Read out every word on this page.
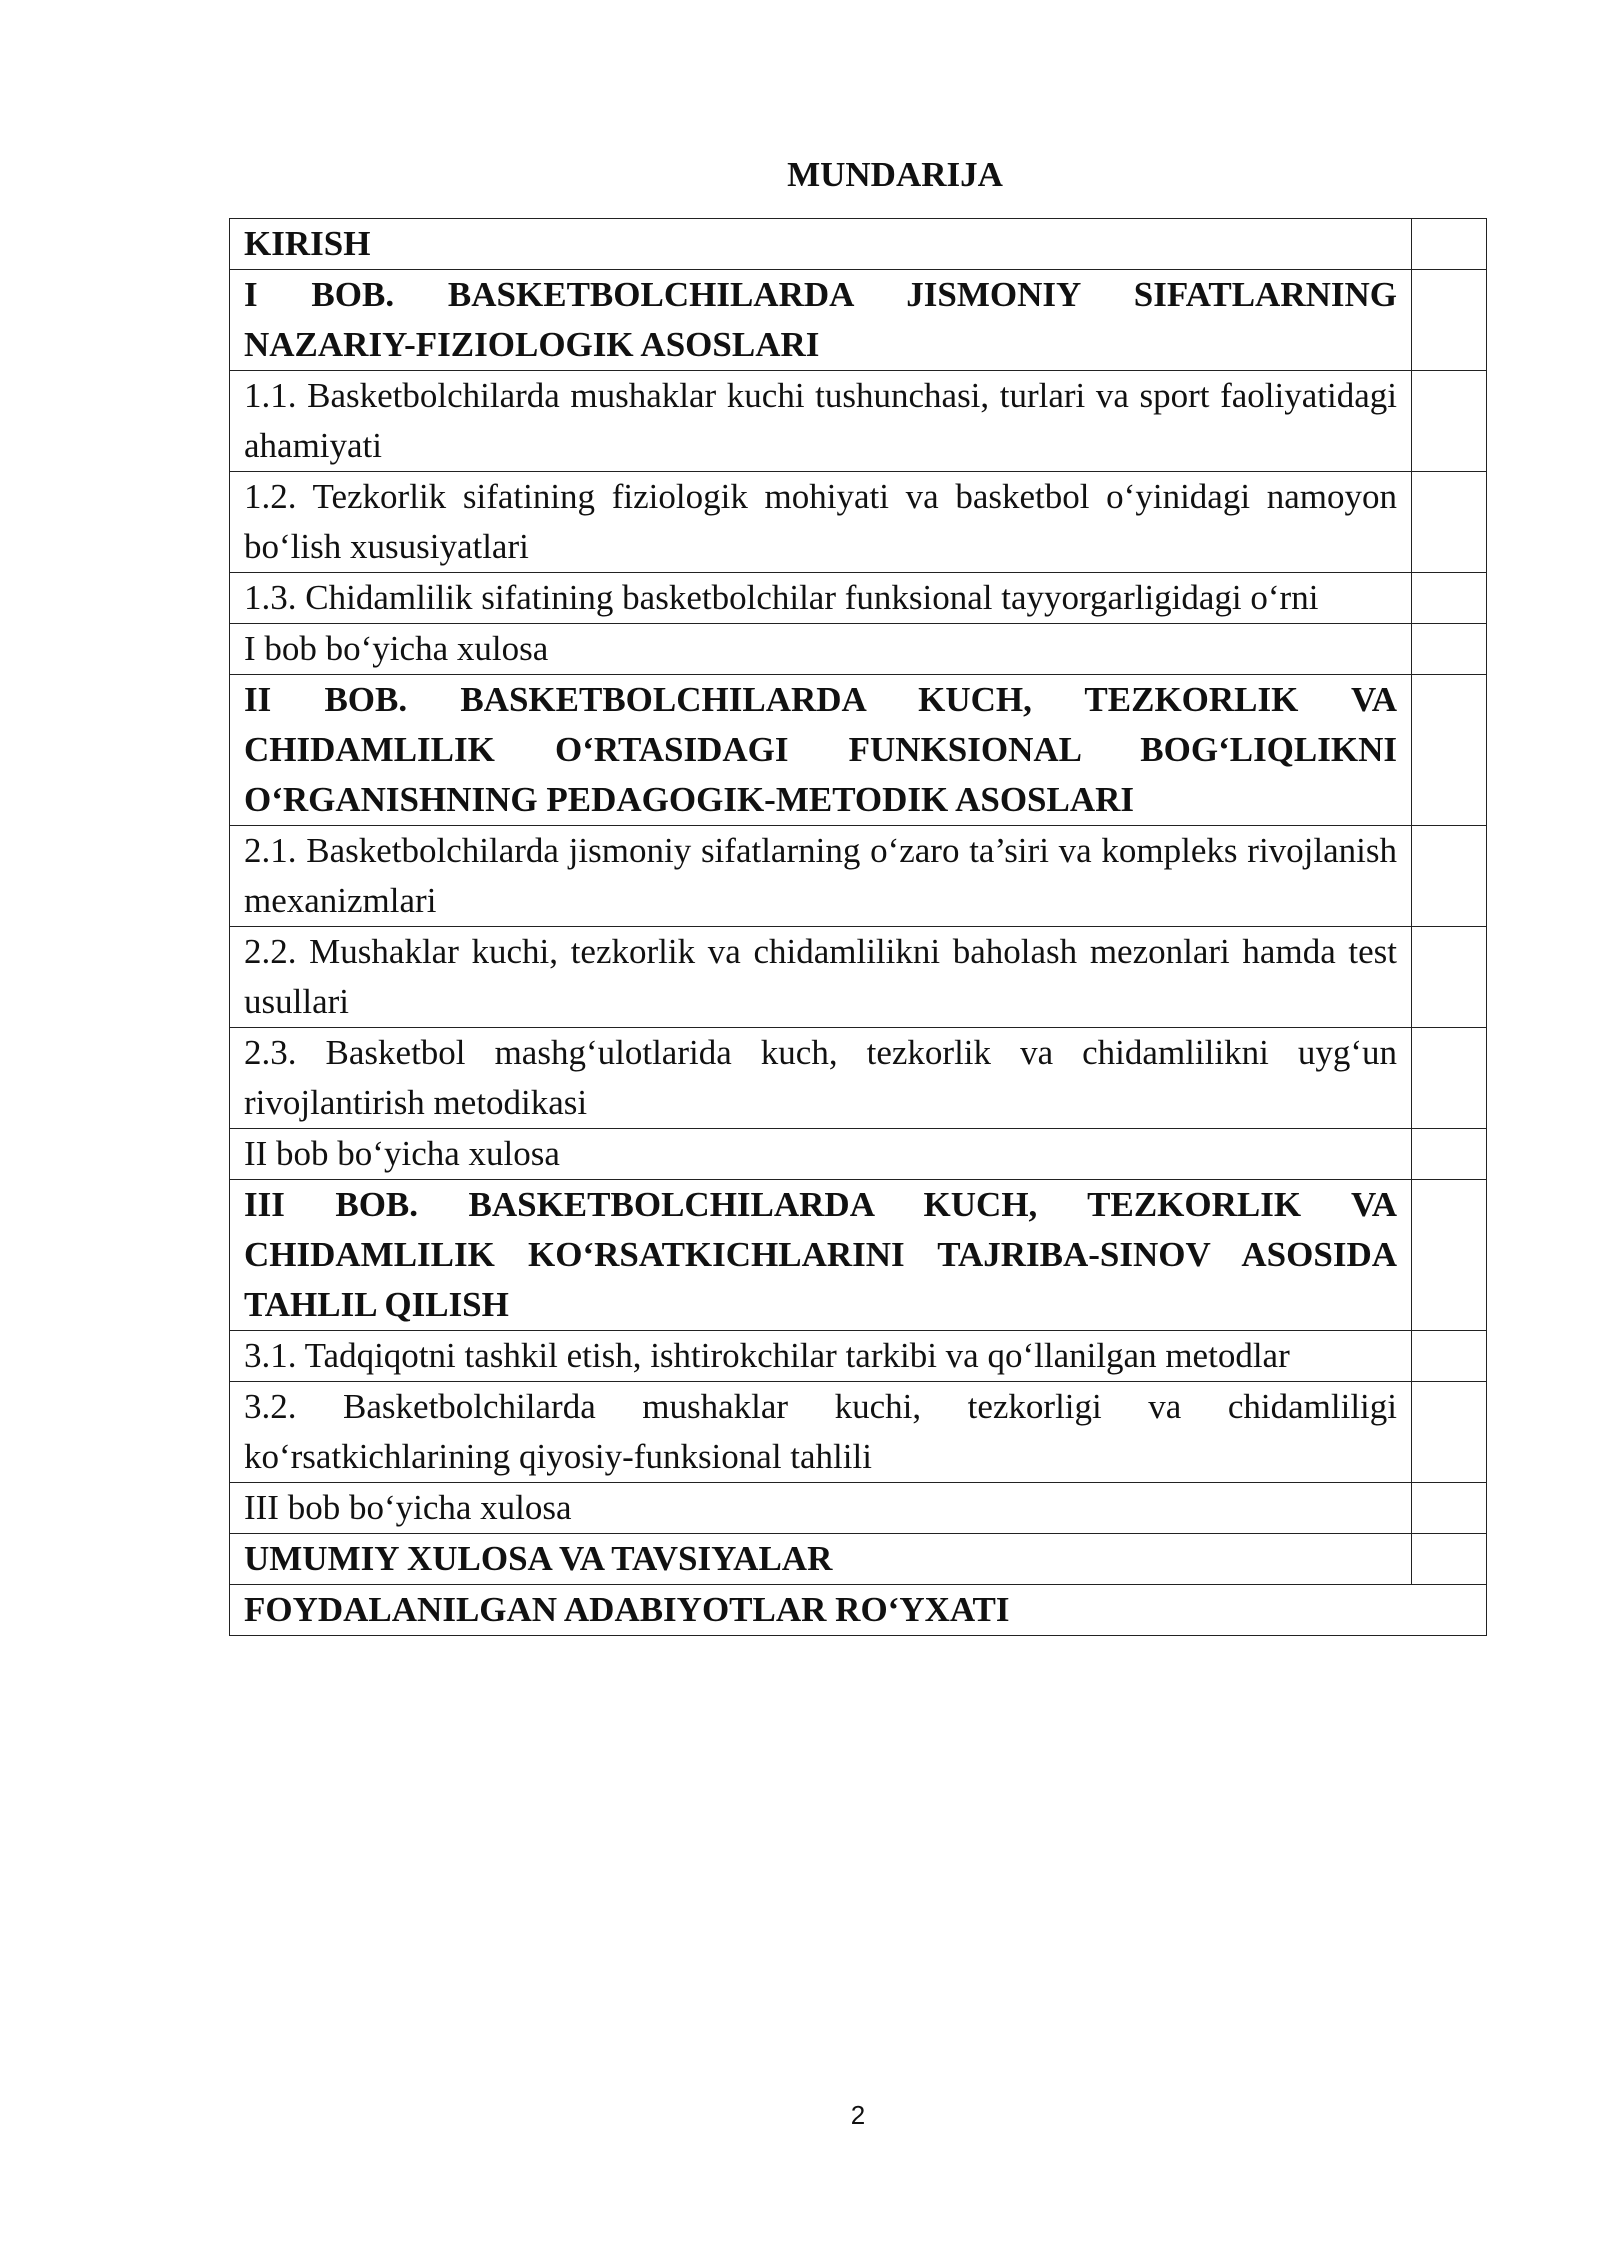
MUNDARIJA
KIRISH	
I BOB. BASKETBOLCHILARDA JISMONIY SIFATLARNING NAZARIY-FIZIOLOGIK ASOSLARI	
1.1. Basketbolchilarda mushaklar kuchi tushunchasi, turlari va sport faoliyatidagi ahamiyati	
1.2. Tezkorlik sifatining fiziologik mohiyati va basketbol o‘yinidagi namoyon bo‘lish xususiyatlari	
1.3. Chidamlilik sifatining basketbolchilar funksional tayyorgarligidagi o‘rni	
I bob bo‘yicha xulosa	
II BOB. BASKETBOLCHILARDA KUCH, TEZKORLIK VA CHIDAMLILIK O‘RTASIDAGI FUNKSIONAL BOG‘LIQLIKNI O‘RGANISHNING PEDAGOGIK-METODIK ASOSLARI	
2.1. Basketbolchilarda jismoniy sifatlarning o‘zaro ta’siri va kompleks rivojlanish mexanizmlari	
2.2. Mushaklar kuchi, tezkorlik va chidamlilikni baholash mezonlari hamda test usullari	
2.3. Basketbol mashg‘ulotlarida kuch, tezkorlik va chidamlilikni uyg‘un rivojlantirish metodikasi	
II bob bo‘yicha xulosa	
III BOB. BASKETBOLCHILARDA KUCH, TEZKORLIK VA CHIDAMLILIK KO‘RSATKICHLARINI TAJRIBA-SINOV ASOSIDA TAHLIL QILISH	
3.1. Tadqiqotni tashkil etish, ishtirokchilar tarkibi va qo‘llanilgan metodlar	
3.2. Basketbolchilarda mushaklar kuchi, tezkorligi va chidamliligi ko‘rsatkichlarining qiyosiy-funksional tahlili	
III bob bo‘yicha xulosa	
UMUMIY XULOSA VA TAVSIYALAR	
FOYDALANILGAN ADABIYOTLAR RO‘YXATI	
2
